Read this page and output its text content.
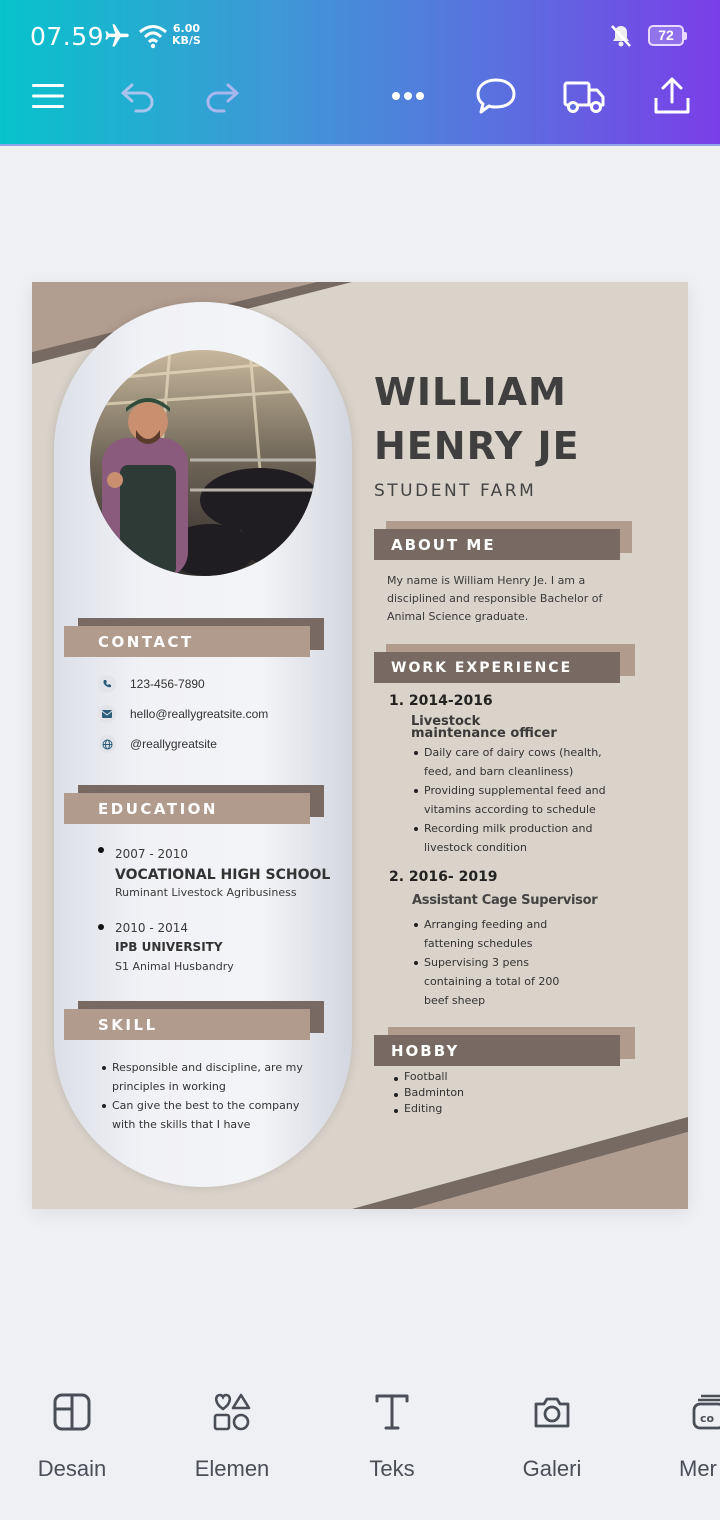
07.59	6.00
KB/S	72
WILLIAM
HENRY JE
STUDENT FARM
CONTACT
123-456-7890
hello@reallygreatsite.com
@reallygreatsite
EDUCATION
2007 - 2010
VOCATIONAL HIGH SCHOOL
Ruminant Livestock Agribusiness
2010 - 2014
IPB UNIVERSITY
S1 Animal Husbandry
SKILL
Responsible and discipline, are my principles in working
Can give the best to the company with the skills that I have
ABOUT ME
My name is William Henry Je. I am a disciplined and responsible Bachelor of Animal Science graduate.
WORK EXPERIENCE
1. 2014-2016
Livestock
maintenance officer
Daily care of dairy cows (health, feed, and barn cleanliness)
Providing supplemental feed and vitamins according to schedule
Recording milk production and livestock condition
2. 2016- 2019
Assistant Cage Supervisor
Arranging feeding and fattening schedules
Supervising 3 pens containing a total of 200 beef sheep
HOBBY
Football
Badminton
Editing
Desain	Elemen	Teks	Galeri
co
Mer
